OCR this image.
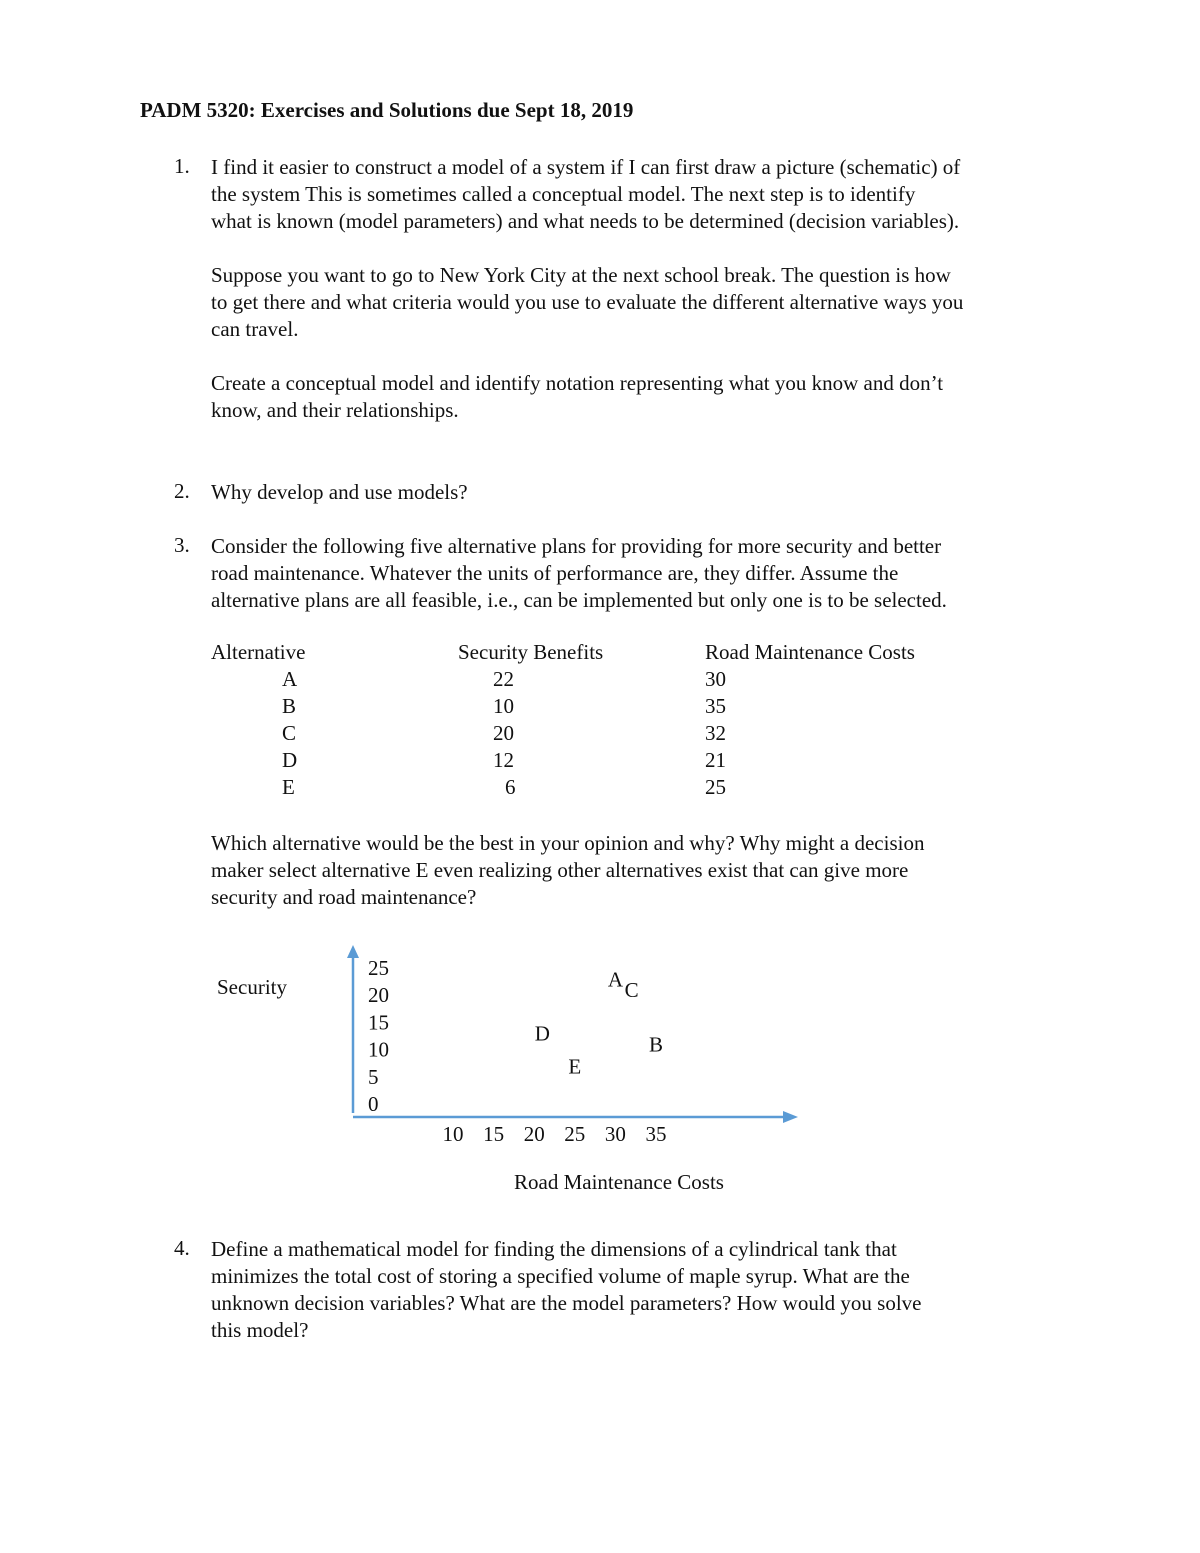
PADM 5320: Exercises and Solutions due Sept 18, 2019
1. I find it easier to construct a model of a system if I can first draw a picture (schematic) of
the system This is sometimes called a conceptual model. The next step is to identify
what is known (model parameters) and what needs to be determined (decision variables).
Suppose you want to go to New York City at the next school break. The question is how
to get there and what criteria would you use to evaluate the different alternative ways you
can travel.
Create a conceptual model and identify notation representing what you know and don’t
know, and their relationships.
2. Why develop and use models?
3. Consider the following five alternative plans for providing for more security and better
road maintenance. Whatever the units of performance are, they differ. Assume the
alternative plans are all feasible, i.e., can be implemented but only one is to be selected.
Alternative	Security Benefits	Road Maintenance Costs
A	22	30
B	10	35
C	20	32
D	12	21
E	6	25
Which alternative would be the best in your opinion and why? Why might a decision
maker select alternative E even realizing other alternatives exist that can give more
security and road maintenance?
25
20
15
10
5
0
10 15 20 25 30 35
Security
Road Maintenance Costs
A C
D	B
E
4. Define a mathematical model for finding the dimensions of a cylindrical tank that
minimizes the total cost of storing a specified volume of maple syrup. What are the
unknown decision variables? What are the model parameters? How would you solve
this model?
